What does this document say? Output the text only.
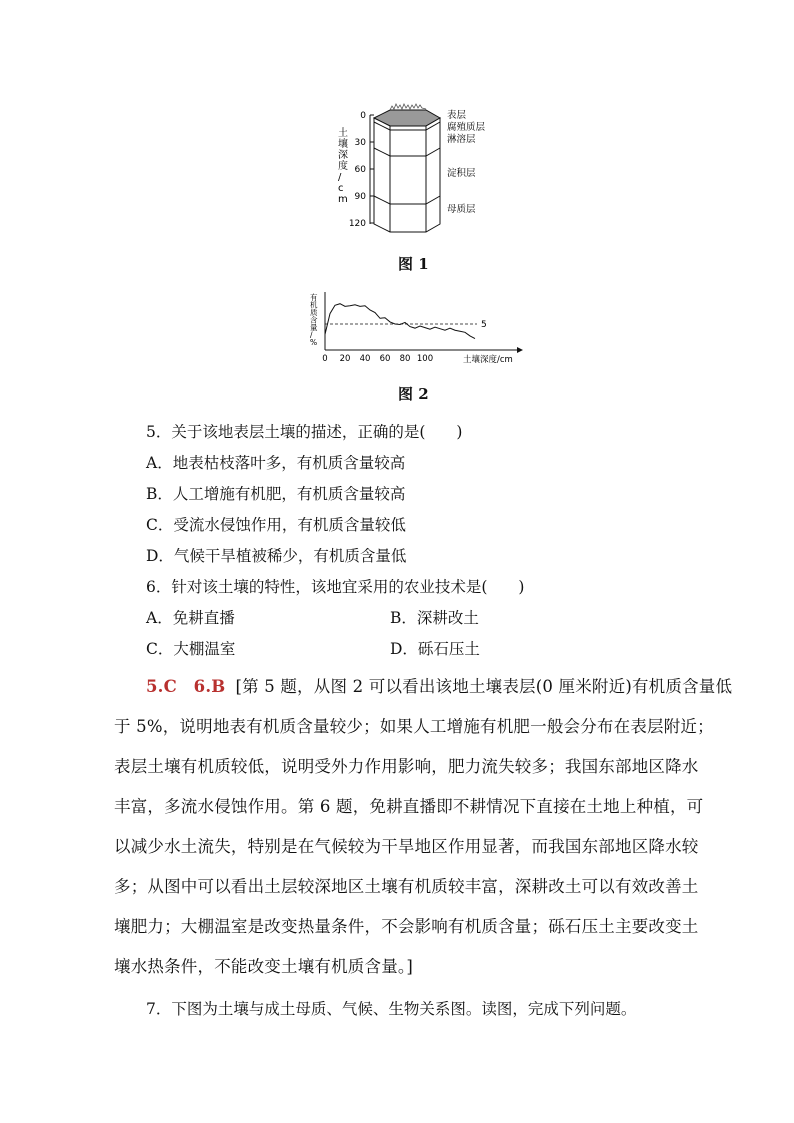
土壤深度/ c m
0
30
60
90
120
表层
腐殖质层
淋溶层
淀积层
母质层
图 1
有机质含量/ %
5
0 20 40 60 80 100	土壤深度/cm
图 2
5．关于该地表层土壤的描述，正确的是(　　)
A．地表枯枝落叶多，有机质含量较高
B．人工增施有机肥，有机质含量较高
C．受流水侵蚀作用，有机质含量较低
D．气候干旱植被稀少，有机质含量低
6．针对该土壤的特性，该地宜采用的农业技术是(　　)
A．免耕直播	B．深耕改土
C．大棚温室	D．砾石压土
5.C　6.B [第 5 题，从图 2 可以看出该地土壤表层(0 厘米附近)有机质含量低
于 5%，说明地表有机质含量较少；如果人工增施有机肥一般会分布在表层附近；
表层土壤有机质较低，说明受外力作用影响，肥力流失较多；我国东部地区降水
丰富，多流水侵蚀作用。第 6 题，免耕直播即不耕情况下直接在土地上种植，可
以减少水土流失，特别是在气候较为干旱地区作用显著，而我国东部地区降水较
多；从图中可以看出土层较深地区土壤有机质较丰富，深耕改土可以有效改善土
壤肥力；大棚温室是改变热量条件，不会影响有机质含量；砾石压土主要改变土
壤水热条件，不能改变土壤有机质含量。]
7．下图为土壤与成土母质、气候、生物关系图。读图，完成下列问题。
